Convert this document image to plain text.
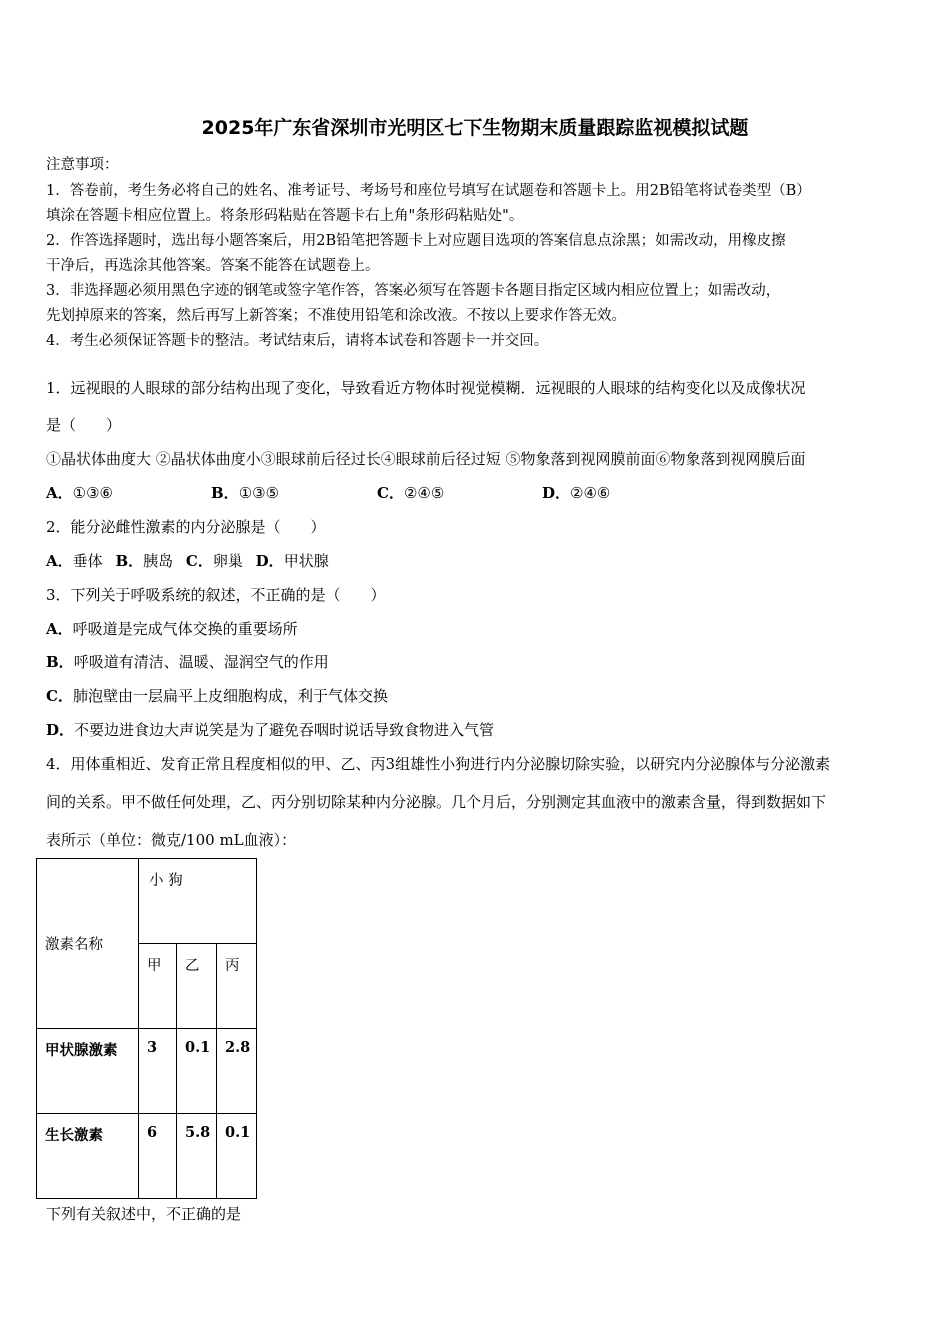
2025年广东省深圳市光明区七下生物期末质量跟踪监视模拟试题
注意事项：
1．答卷前，考生务必将自己的姓名、准考证号、考场号和座位号填写在试题卷和答题卡上。用2B铅笔将试卷类型（B）
填涂在答题卡相应位置上。将条形码粘贴在答题卡右上角"条形码粘贴处"。
2．作答选择题时，选出每小题答案后，用2B铅笔把答题卡上对应题目选项的答案信息点涂黑；如需改动，用橡皮擦
干净后，再选涂其他答案。答案不能答在试题卷上。
3．非选择题必须用黑色字迹的钢笔或签字笔作答，答案必须写在答题卡各题目指定区域内相应位置上；如需改动，
先划掉原来的答案，然后再写上新答案；不准使用铅笔和涂改液。不按以上要求作答无效。
4．考生必须保证答题卡的整洁。考试结束后，请将本试卷和答题卡一并交回。
1．远视眼的人眼球的部分结构出现了变化，导致看近方物体时视觉模糊．远视眼的人眼球的结构变化以及成像状况
是（　　）
①晶状体曲度大 ②晶状体曲度小③眼球前后径过长④眼球前后径过短 ⑤物象落到视网膜前面⑥物象落到视网膜后面
A．①③⑥	B．①③⑤	C．②④⑤	D．②④⑥
2．能分泌雌性激素的内分泌腺是（　　）
A．垂体 B．胰岛 C．卵巢 D．甲状腺
3．下列关于呼吸系统的叙述，不正确的是（　　）
A．呼吸道是完成气体交换的重要场所
B．呼吸道有清洁、温暖、湿润空气的作用
C．肺泡壁由一层扁平上皮细胞构成，利于气体交换
D．不要边进食边大声说笑是为了避免吞咽时说话导致食物进入气管
4．用体重相近、发育正常且程度相似的甲、乙、丙3组雄性小狗进行内分泌腺切除实验，以研究内分泌腺体与分泌激素
间的关系。甲不做任何处理，乙、丙分别切除某种内分泌腺。几个月后，分别测定其血液中的激素含量，得到数据如下
表所示（单位：微克/100 mL血液）：
激素名称	小 狗		

	甲	乙	丙

甲状腺激素	3	0.1	2.8

生长激素	6	5.8	0.1
下列有关叙述中，不正确的是
